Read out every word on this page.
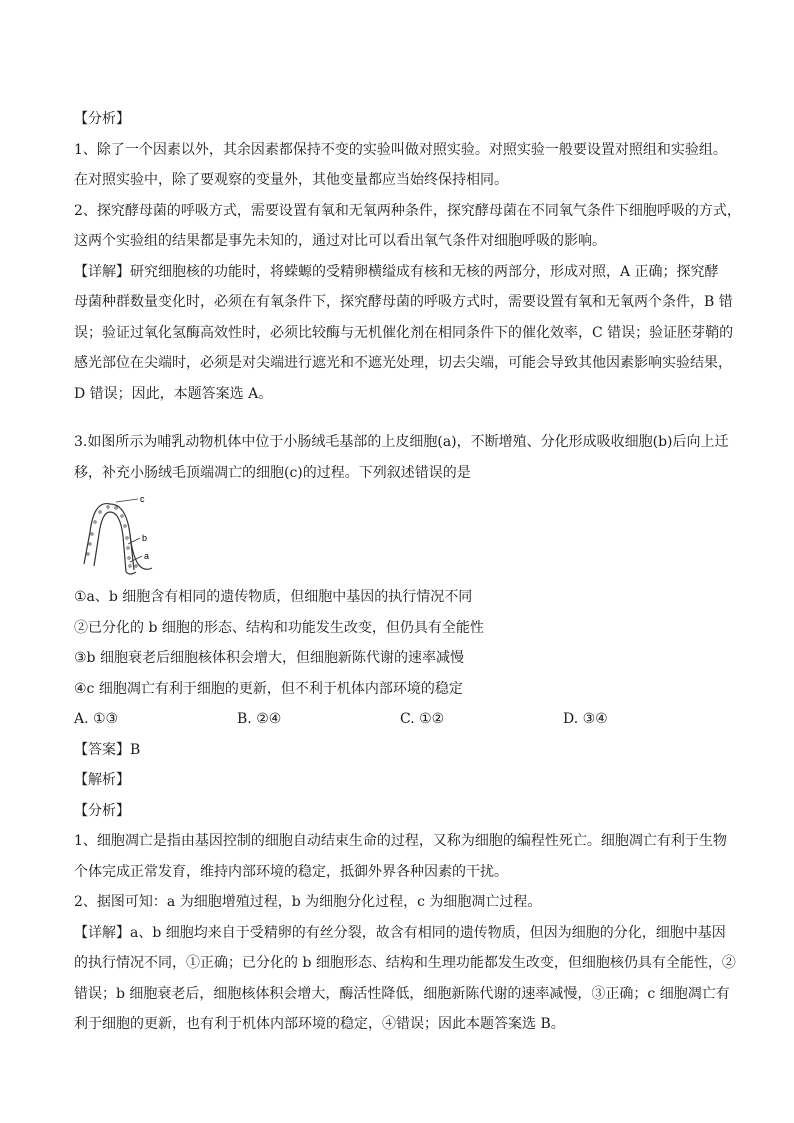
【分析】
1、除了一个因素以外，其余因素都保持不变的实验叫做对照实验。对照实验一般要设置对照组和实验组。
在对照实验中，除了要观察的变量外，其他变量都应当始终保持相同。
2、探究酵母菌的呼吸方式，需要设置有氧和无氧两种条件，探究酵母菌在不同氧气条件下细胞呼吸的方式，
这两个实验组的结果都是事先未知的，通过对比可以看出氧气条件对细胞呼吸的影响。
【详解】研究细胞核的功能时，将蝾螈的受精卵横缢成有核和无核的两部分，形成对照，A 正确；探究酵
母菌种群数量变化时，必须在有氧条件下，探究酵母菌的呼吸方式时，需要设置有氧和无氧两个条件，B 错
误；验证过氧化氢酶高效性时，必须比较酶与无机催化剂在相同条件下的催化效率，C 错误；验证胚芽鞘的
感光部位在尖端时，必须是对尖端进行遮光和不遮光处理，切去尖端，可能会导致其他因素影响实验结果，
D 错误；因此，本题答案选 A。
3.如图所示为哺乳动物机体中位于小肠绒毛基部的上皮细胞(a)，不断增殖、分化形成吸收细胞(b)后向上迁
移，补充小肠绒毛顶端凋亡的细胞(c)的过程。下列叙述错误的是
c
b
a
①a、b 细胞含有相同的遗传物质，但细胞中基因的执行情况不同
②已分化的 b 细胞的形态、结构和功能发生改变，但仍具有全能性
③b 细胞衰老后细胞核体积会增大，但细胞新陈代谢的速率减慢
④c 细胞凋亡有利于细胞的更新，但不利于机体内部环境的稳定
A. ①③	B. ②④	C. ①②	D. ③④
【答案】B
【解析】
【分析】
1、细胞凋亡是指由基因控制的细胞自动结束生命的过程，又称为细胞的编程性死亡。细胞凋亡有利于生物
个体完成正常发育，维持内部环境的稳定，抵御外界各种因素的干扰。
2、据图可知：a 为细胞增殖过程，b 为细胞分化过程，c 为细胞凋亡过程。
【详解】a、b 细胞均来自于受精卵的有丝分裂，故含有相同的遗传物质，但因为细胞的分化，细胞中基因
的执行情况不同，①正确；已分化的 b 细胞形态、结构和生理功能都发生改变，但细胞核仍具有全能性，②
错误；b 细胞衰老后，细胞核体积会增大，酶活性降低，细胞新陈代谢的速率减慢，③正确；c 细胞凋亡有
利于细胞的更新，也有利于机体内部环境的稳定，④错误；因此本题答案选 B。
